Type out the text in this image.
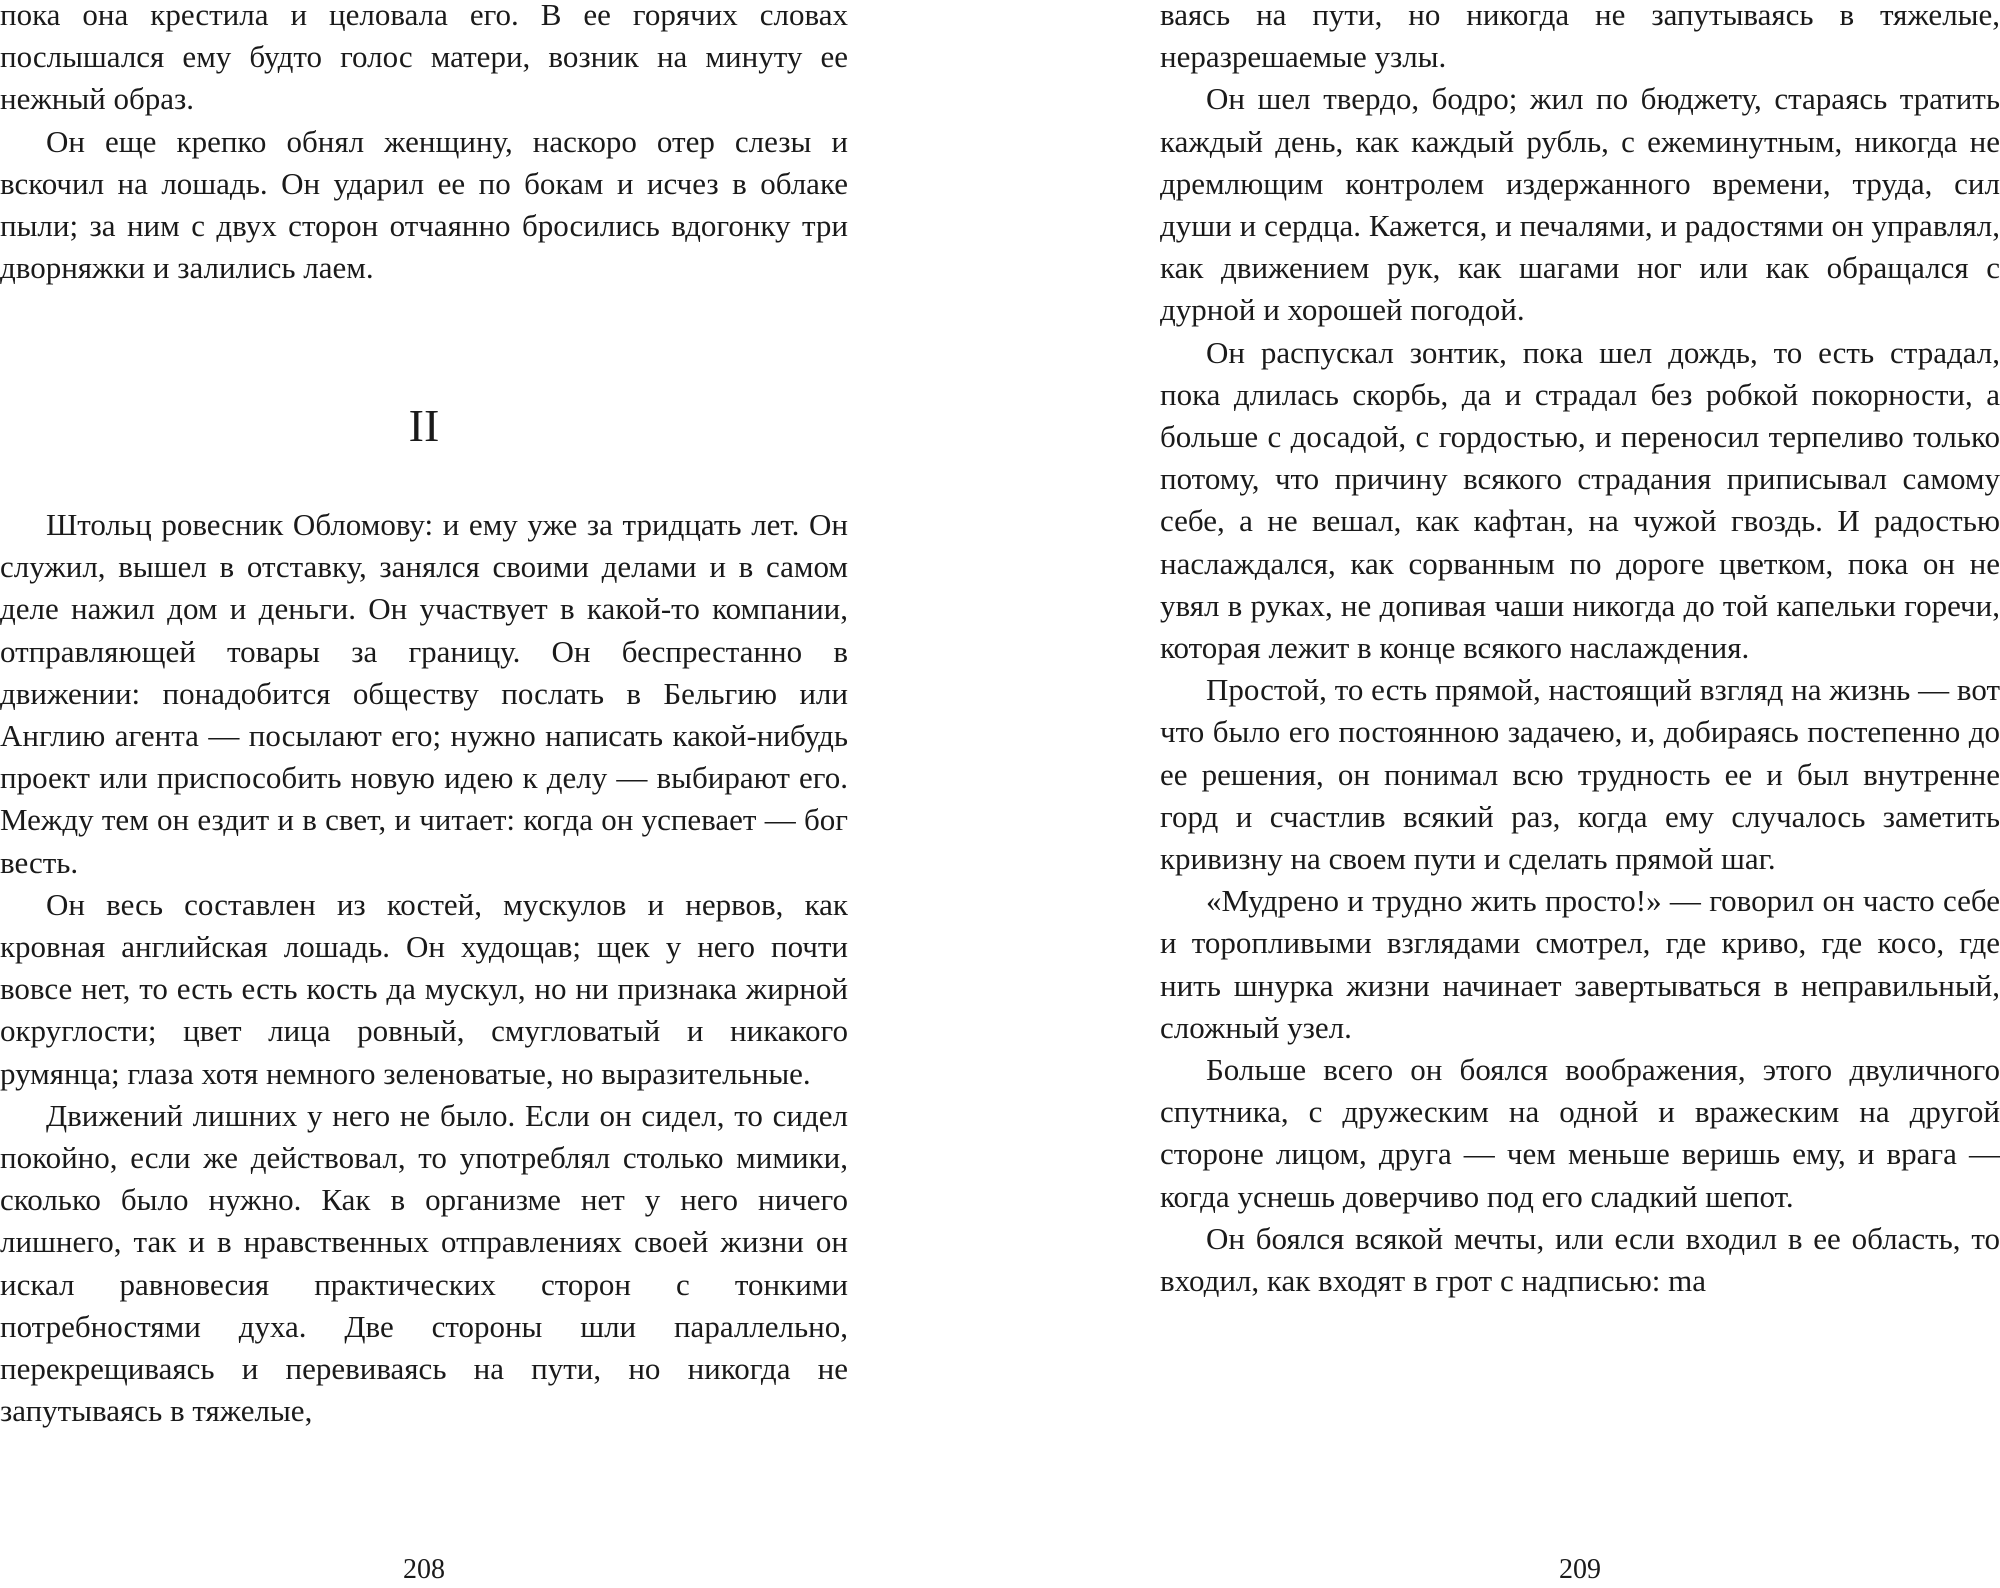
пока она крестила и целовала его. В ее горячих словах послышался ему будто голос матери, возник на минуту ее нежный образ.

Он еще крепко обнял женщину, наскоро отер слезы и вскочил на лошадь. Он ударил ее по бокам и исчез в облаке пыли; за ним с двух сторон отчаянно бросились вдогонку три дворняжки и залились лаем.

II

Штольц ровесник Обломову: и ему уже за тридцать лет. Он служил, вышел в отставку, занялся своими делами и в самом деле нажил дом и деньги. Он участвует в какой-то компании, отправляющей товары за границу. Он беспрестанно в движении: понадобится обществу послать в Бельгию или Англию агента — посылают его; нужно написать какой-нибудь проект или приспособить новую идею к делу — выбирают его. Между тем он ездит и в свет, и читает: когда он успевает — бог весть.

Он весь составлен из костей, мускулов и нервов, как кровная английская лошадь. Он худощав; щек у него почти вовсе нет, то есть есть кость да мускул, но ни признака жирной округлости; цвет лица ровный, смугловатый и никакого румянца; глаза хотя немного зеленоватые, но выразительные.

Движений лишних у него не было. Если он сидел, то сидел покойно, если же действовал, то употреблял столько мимики, сколько было нужно. Как в организме нет у него ничего лишнего, так и в нравственных отправлениях своей жизни он искал равновесия практических сторон с тонкими потребностями духа. Две стороны шли параллельно, перекрещиваясь и перевиваясь на пути, но никогда не запутываясь в тяжелые,

208

ваясь на пути, но никогда не запутываясь в тяжелые, неразрешаемые узлы.

Он шел твердо, бодро; жил по бюджету, стараясь тратить каждый день, как каждый рубль, с ежеминутным, никогда не дремлющим контролем издержанного времени, труда, сил души и сердца. Кажется, и печалями, и радостями он управлял, как движением рук, как шагами ног или как обращался с дурной и хорошей погодой.

Он распускал зонтик, пока шел дождь, то есть страдал, пока длилась скорбь, да и страдал без робкой покорности, а больше с досадой, с гордостью, и переносил терпеливо только потому, что причину всякого страдания приписывал самому себе, а не вешал, как кафтан, на чужой гвоздь. И радостью наслаждался, как сорванным по дороге цветком, пока он не увял в руках, не допивая чаши никогда до той капельки горечи, которая лежит в конце всякого наслаждения.

Простой, то есть прямой, настоящий взгляд на жизнь — вот что было его постоянною задачею, и, добираясь постепенно до ее решения, он понимал всю трудность ее и был внутренне горд и счастлив всякий раз, когда ему случалось заметить кривизну на своем пути и сделать прямой шаг.

«Мудрено и трудно жить просто!» — говорил он часто себе и торопливыми взглядами смотрел, где криво, где косо, где нить шнурка жизни начинает завертываться в неправильный, сложный узел.

Больше всего он боялся воображения, этого двуличного спутника, с дружеским на одной и вражеским на другой стороне лицом, друга — чем меньше веришь ему, и врага — когда уснешь доверчиво под его сладкий шепот.

Он боялся всякой мечты, или если входил в ее область, то входил, как входят в грот с надписью: ma

209
